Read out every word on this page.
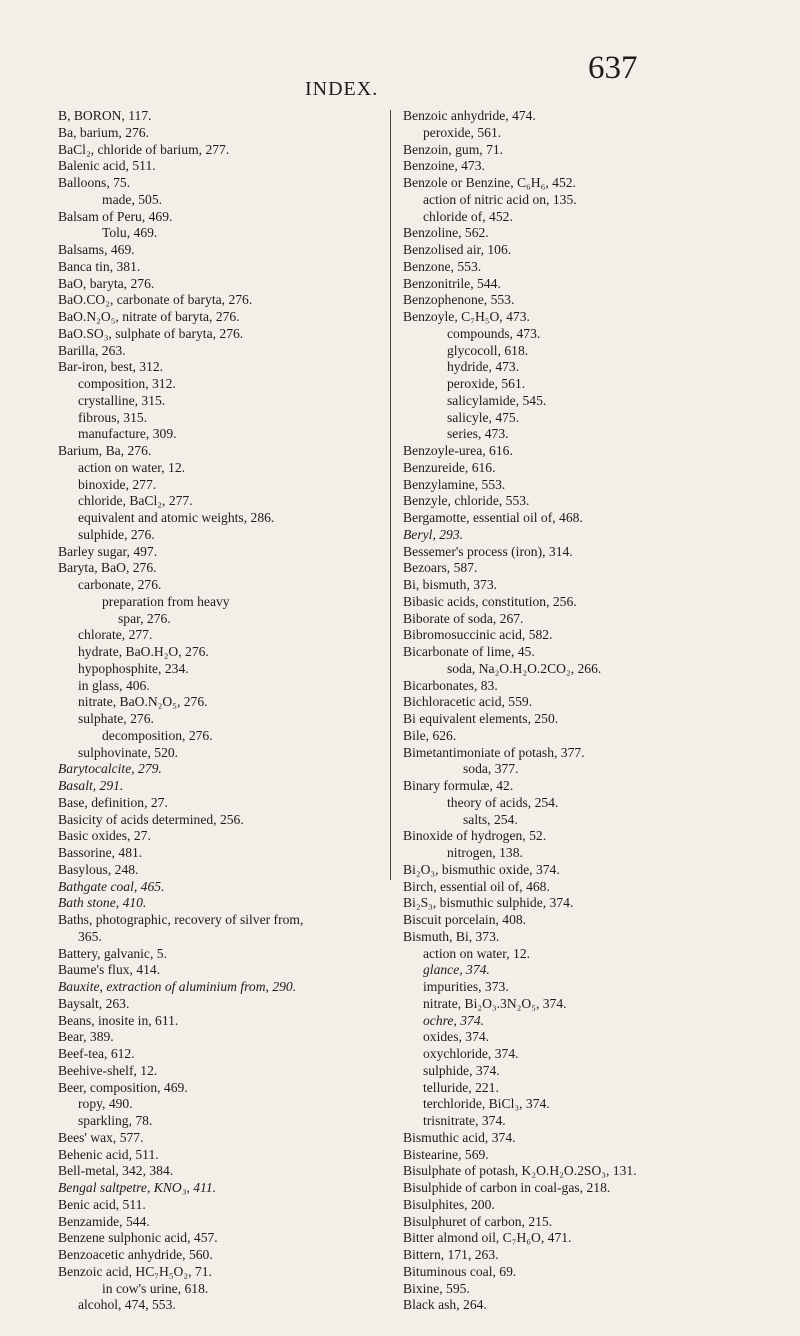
INDEX.
637
B, BORON, 117.
Ba, barium, 276.
BaCl₂, chloride of barium, 277.
Balenic acid, 511.
Balloons, 75.
made, 505.
Balsam of Peru, 469.
Tolu, 469.
Balsams, 469.
Banca tin, 381.
BaO, baryta, 276.
BaO.CO₂, carbonate of baryta, 276.
BaO.N₂O₅, nitrate of baryta, 276.
BaO.SO₃, sulphate of baryta, 276.
Barilla, 263.
Bar-iron, best, 312.
composition, 312.
crystalline, 315.
fibrous, 315.
manufacture, 309.
Barium, Ba, 276.
action on water, 12.
binoxide, 277.
chloride, BaCl₂, 277.
equivalent and atomic weights, 286.
sulphide, 276.
Barley sugar, 497.
Baryta, BaO, 276.
carbonate, 276.
preparation from heavy
spar, 276.
chlorate, 277.
hydrate, BaO.H₂O, 276.
hypophosphite, 234.
in glass, 406.
nitrate, BaO.N₂O₅, 276.
sulphate, 276.
decomposition, 276.
sulphovinate, 520.
Barytocalcite, 279.
Basalt, 291.
Base, definition, 27.
Basicity of acids determined, 256.
Basic oxides, 27.
Bassorine, 481.
Basylous, 248.
Bathgate coal, 465.
Bath stone, 410.
Baths, photographic, recovery of silver from,
365.
Battery, galvanic, 5.
Baume's flux, 414.
Bauxite, extraction of aluminium from, 290.
Baysalt, 263.
Beans, inosite in, 611.
Bear, 389.
Beef-tea, 612.
Beehive-shelf, 12.
Beer, composition, 469.
ropy, 490.
sparkling, 78.
Bees' wax, 577.
Behenic acid, 511.
Bell-metal, 342, 384.
Bengal saltpetre, KNO₃, 411.
Benic acid, 511.
Benzamide, 544.
Benzene sulphonic acid, 457.
Benzoacetic anhydride, 560.
Benzoic acid, HC₇H₅O₂, 71.
in cow's urine, 618.
alcohol, 474, 553.
Benzoic anhydride, 474.
peroxide, 561.
Benzoin, gum, 71.
Benzoine, 473.
Benzole or Benzine, C₆H₆, 452.
action of nitric acid on, 135.
chloride of, 452.
Benzoline, 562.
Benzolised air, 106.
Benzone, 553.
Benzonitrile, 544.
Benzophenone, 553.
Benzoyle, C₇H₅O, 473.
compounds, 473.
glycocoll, 618.
hydride, 473.
peroxide, 561.
salicylamide, 545.
salicyle, 475.
series, 473.
Benzoyle-urea, 616.
Benzureide, 616.
Benzylamine, 553.
Benzyle, chloride, 553.
Bergamotte, essential oil of, 468.
Beryl, 293.
Bessemer's process (iron), 314.
Bezoars, 587.
Bi, bismuth, 373.
Bibasic acids, constitution, 256.
Biborate of soda, 267.
Bibromosuccinic acid, 582.
Bicarbonate of lime, 45.
soda, Na₂O.H₂O.2CO₂, 266.
Bicarbonates, 83.
Bichloracetic acid, 559.
Bi equivalent elements, 250.
Bile, 626.
Bimetantimoniate of potash, 377.
soda, 377.
Binary formulæ, 42.
theory of acids, 254.
salts, 254.
Binoxide of hydrogen, 52.
nitrogen, 138.
Bi₂O₃, bismuthic oxide, 374.
Birch, essential oil of, 468.
Bi₂S₃, bismuthic sulphide, 374.
Biscuit porcelain, 408.
Bismuth, Bi, 373.
action on water, 12.
glance, 374.
impurities, 373.
nitrate, Bi₂O₃.3N₂O₅, 374.
ochre, 374.
oxides, 374.
oxychloride, 374.
sulphide, 374.
telluride, 221.
terchloride, BiCl₃, 374.
trisnitrate, 374.
Bismuthic acid, 374.
Bistearine, 569.
Bisulphate of potash, K₂O.H₂O.2SO₃, 131.
Bisulphide of carbon in coal-gas, 218.
Bisulphites, 200.
Bisulphuret of carbon, 215.
Bitter almond oil, C₇H₆O, 471.
Bittern, 171, 263.
Bituminous coal, 69.
Bixine, 595.
Black ash, 264.
